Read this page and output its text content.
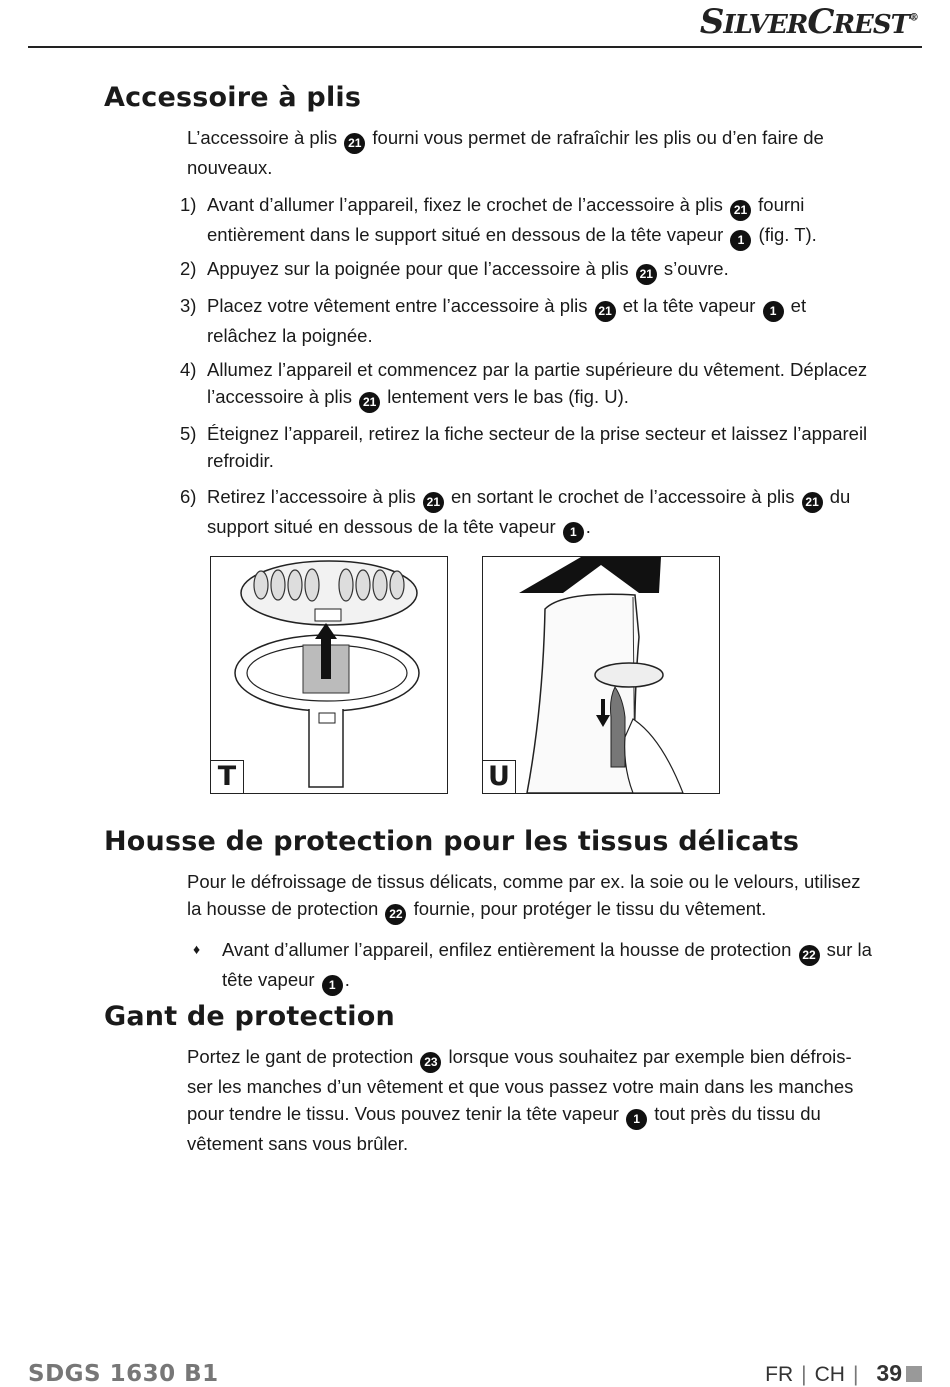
SILVERCREST®
Accessoire à plis

L’accessoire à plis 21 fourni vous permet de rafraîchir les plis ou d’en faire de nouveaux.

1) Avant d’allumer l’appareil, fixez le crochet de l’accessoire à plis 21 fourni entièrement dans le support situé en dessous de la tête vapeur 1 (fig. T).
2) Appuyez sur la poignée pour que l’accessoire à plis 21 s’ouvre.
3) Placez votre vêtement entre l’accessoire à plis 21 et la tête vapeur 1 et relâchez la poignée.
4) Allumez l’appareil et commencez par la partie supérieure du vêtement. Déplacez l’accessoire à plis 21 lentement vers le bas (fig. U).
5) Éteignez l’appareil, retirez la fiche secteur de la prise secteur et laissez l’appareil refroidir.
6) Retirez l’accessoire à plis 21 en sortant le crochet de l’accessoire à plis 21 du support situé en dessous de la tête vapeur 1 .
T	U
Housse de protection pour les tissus délicats

Pour le défroissage de tissus délicats, comme par ex. la soie ou le velours, utilisez la housse de protection 22 fournie, pour protéger le tissu du vêtement.

♦ Avant d’allumer l’appareil, enfilez entièrement la housse de protection 22 sur la tête vapeur 1 .
Gant de protection

Portez le gant de protection 23 lorsque vous souhaitez par exemple bien défrois-ser les manches d’un vêtement et que vous passez votre main dans les manches pour tendre le tissu. Vous pouvez tenir la tête vapeur 1 tout près du tissu du vêtement sans vous brûler.

SDGS 1630 B1	FR | CH | 39
